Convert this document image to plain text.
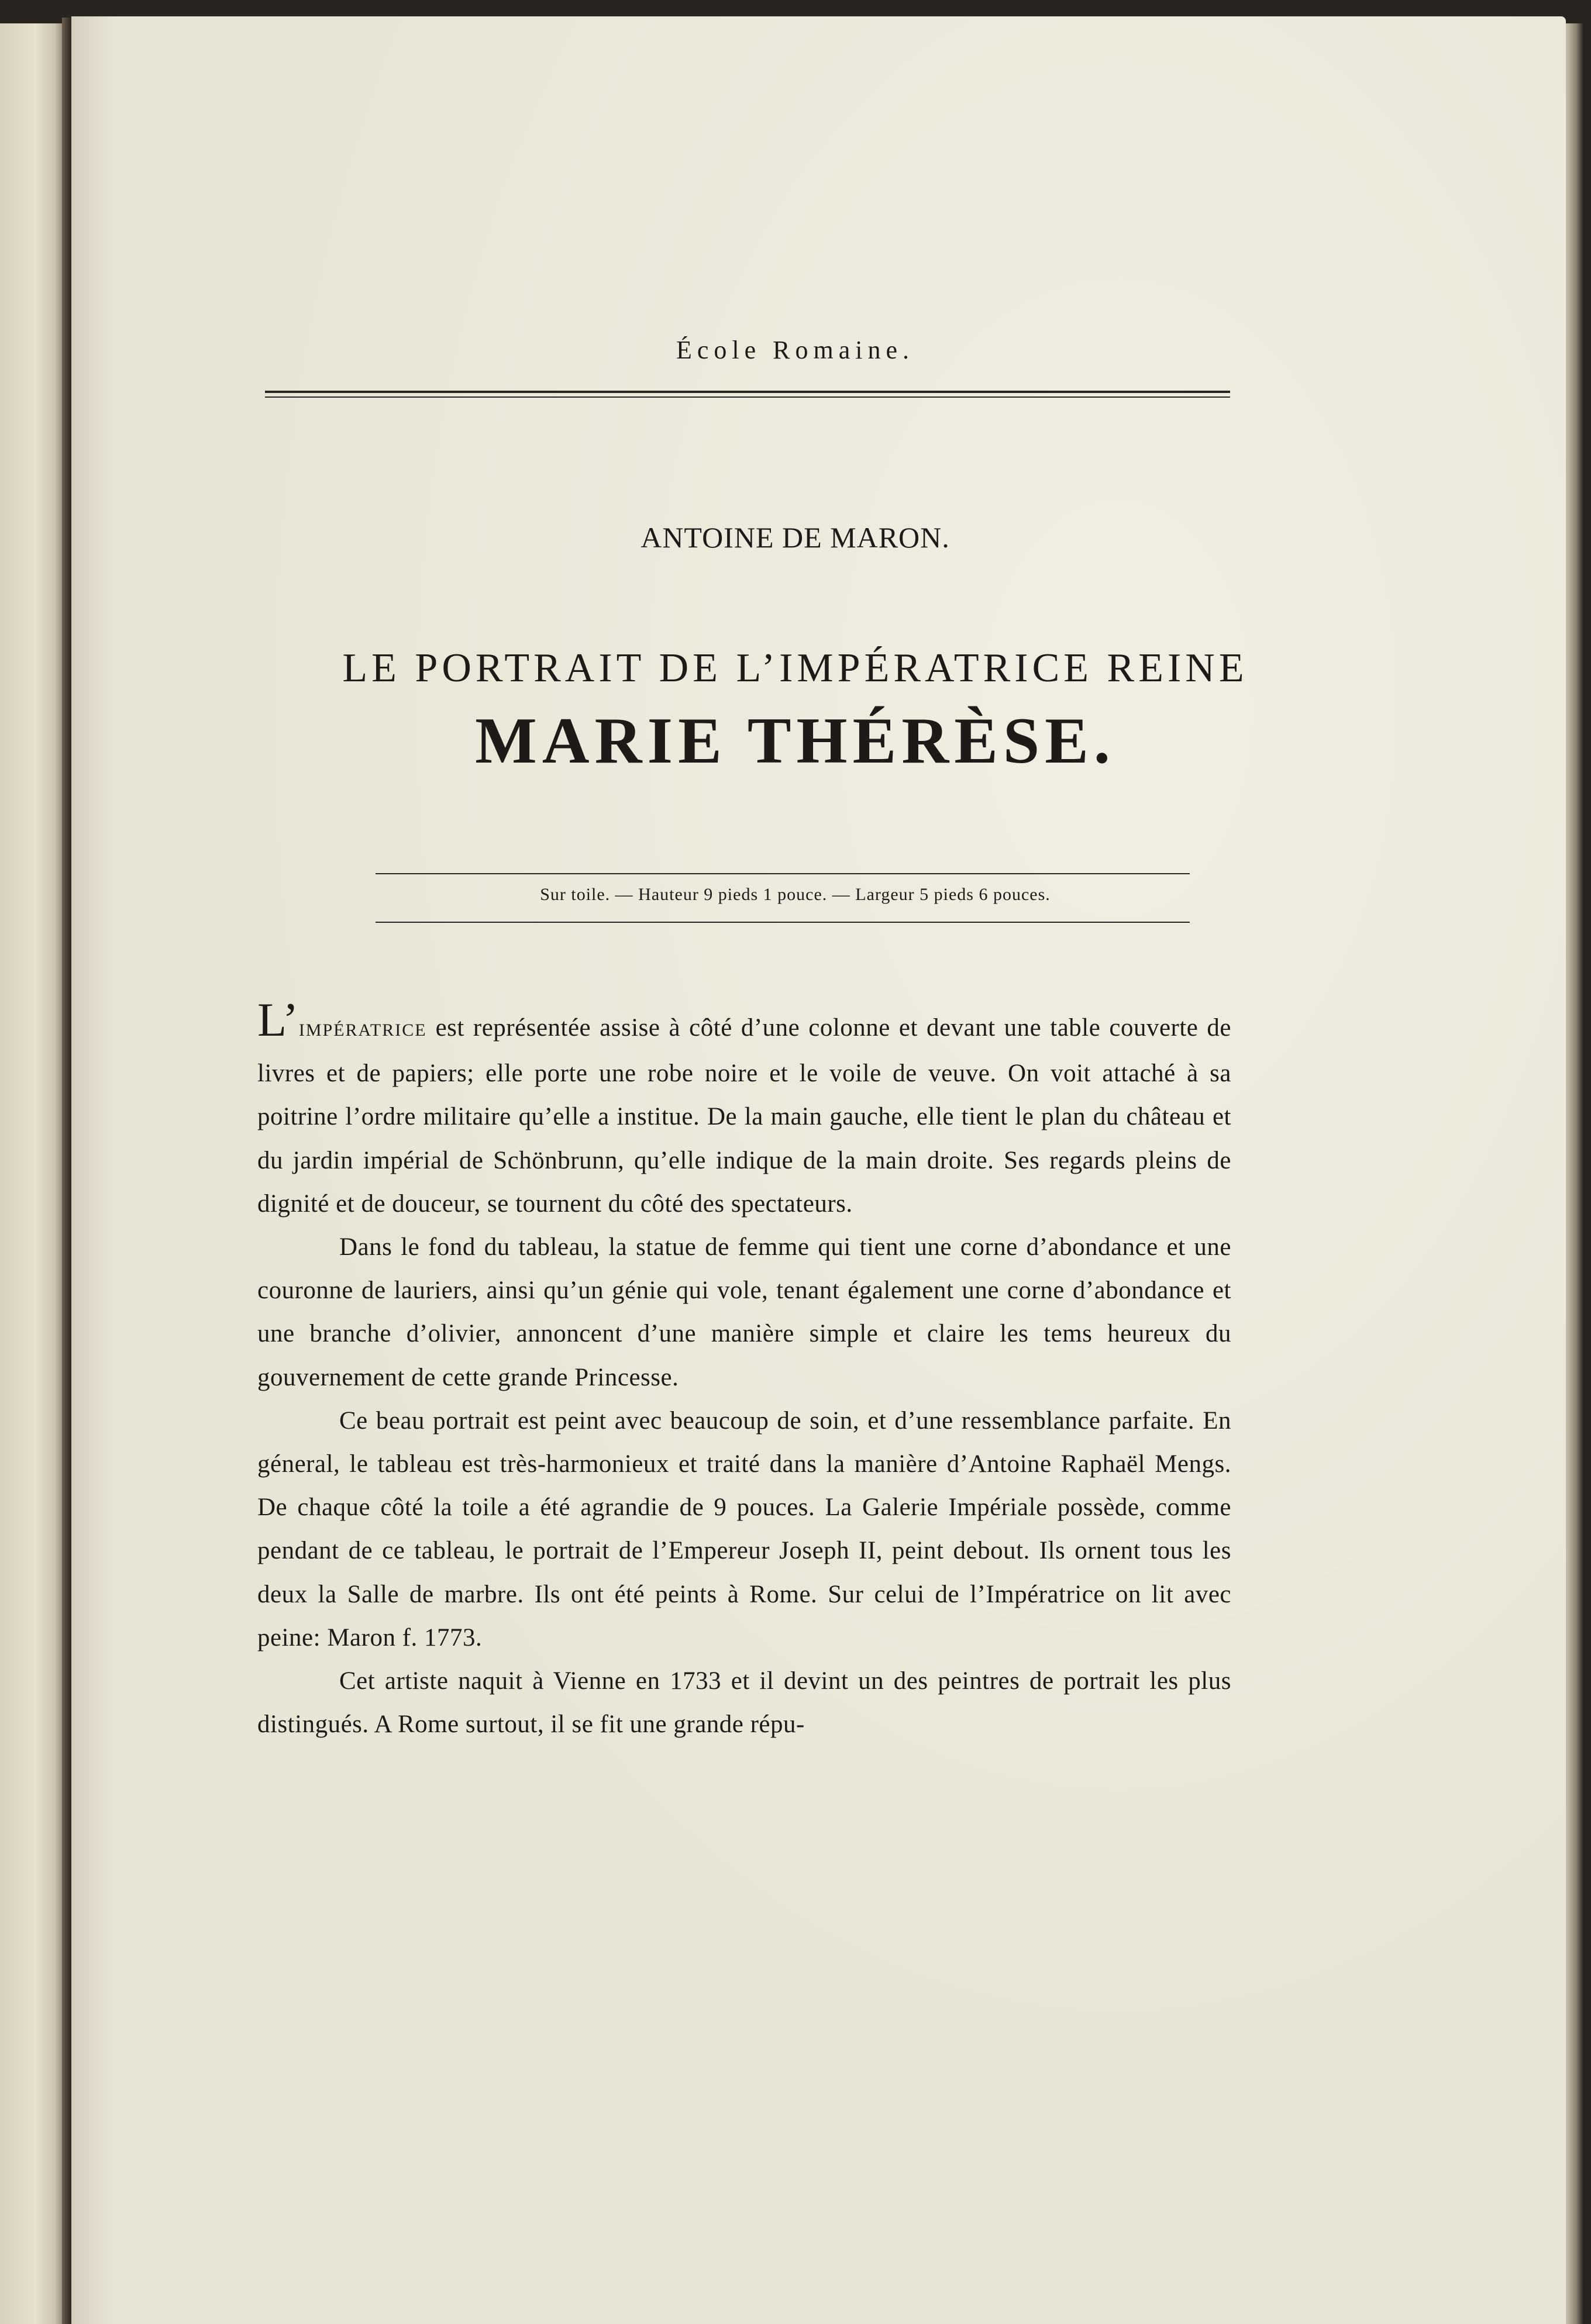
École Romaine.
ANTOINE DE MARON.
LE PORTRAIT DE L’IMPÉRATRICE REINE
MARIE THÉRÈSE.
Sur toile. — Hauteur 9 pieds 1 pouce. — Largeur 5 pieds 6 pouces.

L’IMPÉRATRICE est représentée assise à côté d’une colonne et devant une table couverte de livres et de papiers; elle porte une robe noire et le voile de veuve. On voit attaché à sa poitrine l’ordre militaire qu’elle a institue. De la main gauche, elle tient le plan du château et du jardin impérial de Schönbrunn, qu’elle indique de la main droite. Ses regards pleins de dignité et de douceur, se tournent du côté des spectateurs.

Dans le fond du tableau, la statue de femme qui tient une corne d’abondance et une couronne de lauriers, ainsi qu’un génie qui vole, tenant également une corne d’abondance et une branche d’olivier, annoncent d’une manière simple et claire les tems heureux du gouvernement de cette grande Princesse.

Ce beau portrait est peint avec beaucoup de soin, et d’une ressemblance parfaite. En géneral, le tableau est très-harmonieux et traité dans la manière d’Antoine Raphaël Mengs. De chaque côté la toile a été agrandie de 9 pouces. La Galerie Impériale possède, comme pendant de ce tableau, le portrait de l’Empereur Joseph II, peint debout. Ils ornent tous les deux la Salle de marbre. Ils ont été peints à Rome. Sur celui de l’Impératrice on lit avec peine: Maron f. 1773.

Cet artiste naquit à Vienne en 1733 et il devint un des peintres de portrait les plus distingués. A Rome surtout, il se fit une grande répu-
